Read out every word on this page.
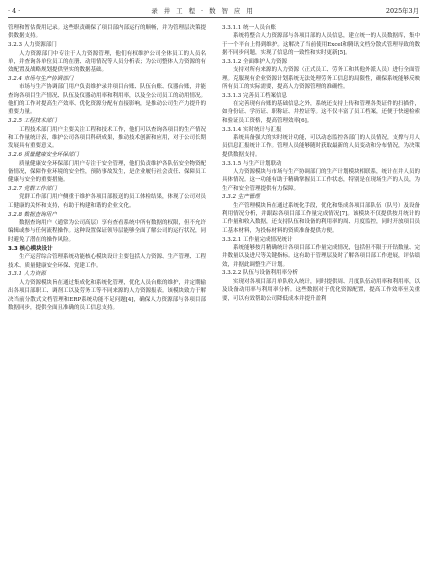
· 4 ·	录 井 工 程 · 数 智 应 用	2025年3月

管理和暂估费用记录。这些职责确保了项目部内部运行的顺畅，并为管理层决策提供数据支持。

3.2.3 人力资源部门

人力资源部门中专注于人力资源管理，他们有权维护公司全体员工的人员名单，并查询各单位员工的在册、动用情况等人员分析表；为公司整体人力资源的有效配置及战略规划提供坚实的数据基础。

3.2.4 市场与生产协调部门

市场与生产协调部门用户负责维护录井项目台账、队伍台账、仪器台账，并能查询各项目生产情况、队伍及仪器动用率和利用率，以及全公司员工的动用情况。他们的工作对提高生产效率、优化资源分配有直接影响，是推动公司生产力提升的重要力量。

3.2.5 工程技术部门

工程技术部门用户主要关注工程和技术工作，他们可以查询各项目的生产情况和工作量统计表，维护公司各项目科研成果，推动技术创新和应用，对于公司长期发展具有重要意义。

3.2.6 质量健康安全环保部门

质量健康安全环保部门用户专注于安全管理，他们负责维护各队伍安全物资配备情况，保障作业环境的安全性，预防事故发生，是企业履行社会责任、保障员工健康与安全的重要措施。

3.2.7 党群工作部门

党群工作部门用户侧重于维护各项目部报送的员工体检结果，体现了公司对员工健康的关怀和支持，有助于构建和谐的企业文化。

3.2.8 数据查询用户

数据查询用户（通常为公司高层）享有查看系统中所有数据的权限，但不允许编辑或参与任何流程操作。这种设置保证领导层能够全面了解公司的运行状况，同时避免了潜在的操作风险。

3.3 核心模块设计

生产运营综合管理系统功能核心模块设计主要包括人力资源、生产管理、工程技术、质量健康安全环保、党建工作。

3.3.1 人力资源

人力资源模块旨在通过集成化和系统化管理，优化人员台账的维护，并定期输出各项目部职工、调剂工以及劳务工等不同来源的人力资源报表。该模块致力于解决当前分散式文档管理和ERP系统功能不足问题[4]，确保人力资源部与各项目部数据同步，提供全面且准确的员工信息支持。

3.3.1.1 统一人员台账

系统将整合人力资源部与各项目部的人员信息，建立统一的人员数据库，集中于一个平台上得到维护。这解决了当前使用Excel和腾讯文档分散式管理导致的数据不同步问题，实现了信息的一致性和实时更新[5]。

3.3.1.2 全面维护人力资源

支持对所有来源的人力资源（正式员工、劳务工和其他外派人员）进行全面管理。克服现有企业资源计划系统无法处理劳务工信息的局限性，确保系统能够反映所有员工的实际需要，提高人力资源管理的准确性。

3.3.1.3 完善员工档案信息

在完善现有台账的基础信息之外，系统还支持上传和管理各类证件的扫描件，如身份证、学历证、职称证、井控证等。这不仅丰富了员工档案，还便于快速检索和验证员工资格，提高管理效率[6]。

3.3.1.4 实时统计与汇报

系统具备强大的实时统计功能，可以动态监控各部门的人员情况，支撑与月人员信息汇报统计工作。管理人员能够随时获取最新的人员变动和分布情况，为决策提供数据支持。

3.3.1.5 与生产计划联动

人力资源模块与市场与生产协调部门的生产计划模块相联系，统计在井人员的具体情况。这一功能有助于精确掌握员工工作状态，特别是在现场生产的人员，为生产和安全管理提供有力保障。

3.3.2 生产管理

生产管理模块旨在通过系统化手段，优化和集成各项目部队伍（队号）及设备利用情况分析，并跟踪各项目部工作量完成情况[7]。该模块不仅提供按月统计的工作量和收入数据，还支持队伍和设备的利用率的周、月度监控，同时开放项目员工基本材料，为投标材料的资质准备提供方便。

3.3.2.1 工作量完成情况统计

系统能够按月精确统计各项目部工作量完成情况，包括但不限于开钻数量、完井数量以及进尺等关键指标。这有助于管理层及时了解各项目部工作进展，评估绩效，并据此调整生产计划。

3.3.2.2 队伍与设备利用率分析

实现对各项目部月单队收入统计，同时提供周、月度队伍动用率和利用率，以及设备动用率与利用率分析。这些数据对于优化资源配置，提高工作效率至关重要，可以有效帮助公司降低成本并提升盈利
